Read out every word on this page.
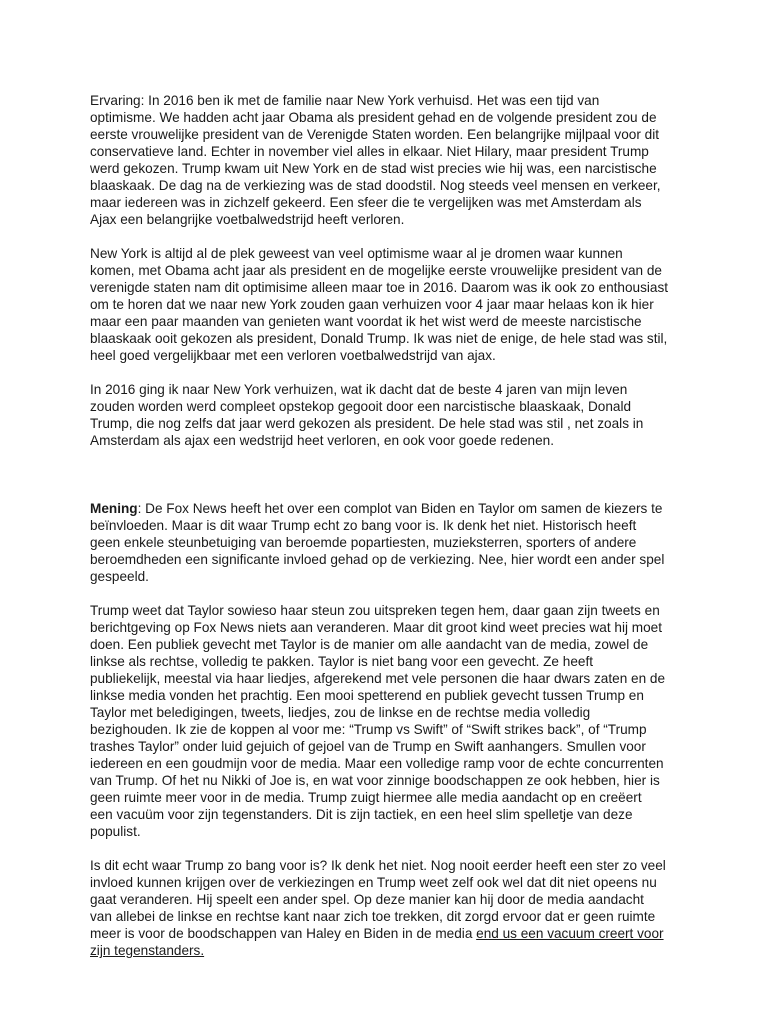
Ervaring: In 2016 ben ik met de familie naar New York verhuisd. Het was een tijd van
optimisme. We hadden acht jaar Obama als president gehad en de volgende president zou de
eerste vrouwelijke president van de Verenigde Staten worden. Een belangrijke mijlpaal voor dit
conservatieve land. Echter in november viel alles in elkaar. Niet Hilary, maar president Trump
werd gekozen. Trump kwam uit New York en de stad wist precies wie hij was, een narcistische
blaaskaak. De dag na de verkiezing was de stad doodstil. Nog steeds veel mensen en verkeer,
maar iedereen was in zichzelf gekeerd. Een sfeer die te vergelijken was met Amsterdam als
Ajax een belangrijke voetbalwedstrijd heeft verloren.

New York is altijd al de plek geweest van veel optimisme waar al je dromen waar kunnen
komen, met Obama acht jaar als president en de mogelijke eerste vrouwelijke president van de
verenigde staten nam dit optimisime alleen maar toe in 2016. Daarom was ik ook zo enthousiast
om te horen dat we naar new York zouden gaan verhuizen voor 4 jaar maar helaas kon ik hier
maar een paar maanden van genieten want voordat ik het wist werd de meeste narcistische
blaaskaak ooit gekozen als president, Donald Trump. Ik was niet de enige, de hele stad was stil,
heel goed vergelijkbaar met een verloren voetbalwedstrijd van ajax.

In 2016 ging ik naar New York verhuizen, wat ik dacht dat de beste 4 jaren van mijn leven
zouden worden werd compleet opstekop gegooit door een narcistische blaaskaak, Donald
Trump, die nog zelfs dat jaar werd gekozen als president. De hele stad was stil , net zoals in
Amsterdam als ajax een wedstrijd heet verloren, en ook voor goede redenen.

Mening: De Fox News heeft het over een complot van Biden en Taylor om samen de kiezers te
beïnvloeden. Maar is dit waar Trump echt zo bang voor is. Ik denk het niet. Historisch heeft
geen enkele steunbetuiging van beroemde popartiesten, muzieksterren, sporters of andere
beroemdheden een significante invloed gehad op de verkiezing. Nee, hier wordt een ander spel
gespeeld.

Trump weet dat Taylor sowieso haar steun zou uitspreken tegen hem, daar gaan zijn tweets en
berichtgeving op Fox News niets aan veranderen. Maar dit groot kind weet precies wat hij moet
doen. Een publiek gevecht met Taylor is de manier om alle aandacht van de media, zowel de
linkse als rechtse, volledig te pakken. Taylor is niet bang voor een gevecht. Ze heeft
publiekelijk, meestal via haar liedjes, afgerekend met vele personen die haar dwars zaten en de
linkse media vonden het prachtig. Een mooi spetterend en publiek gevecht tussen Trump en
Taylor met beledigingen, tweets, liedjes, zou de linkse en de rechtse media volledig
bezighouden. Ik zie de koppen al voor me: “Trump vs Swift” of “Swift strikes back”, of “Trump
trashes Taylor” onder luid gejuich of gejoel van de Trump en Swift aanhangers. Smullen voor
iedereen en een goudmijn voor de media. Maar een volledige ramp voor de echte concurrenten
van Trump. Of het nu Nikki of Joe is, en wat voor zinnige boodschappen ze ook hebben, hier is
geen ruimte meer voor in de media. Trump zuigt hiermee alle media aandacht op en creëert
een vacuüm voor zijn tegenstanders. Dit is zijn tactiek, en een heel slim spelletje van deze
populist.

Is dit echt waar Trump zo bang voor is? Ik denk het niet. Nog nooit eerder heeft een ster zo veel
invloed kunnen krijgen over de verkiezingen en Trump weet zelf ook wel dat dit niet opeens nu
gaat veranderen. Hij speelt een ander spel. Op deze manier kan hij door de media aandacht
van allebei de linkse en rechtse kant naar zich toe trekken, dit zorgd ervoor dat er geen ruimte
meer is voor de boodschappen van Haley en Biden in de media end us een vacuum creert voor
zijn tegenstanders.
